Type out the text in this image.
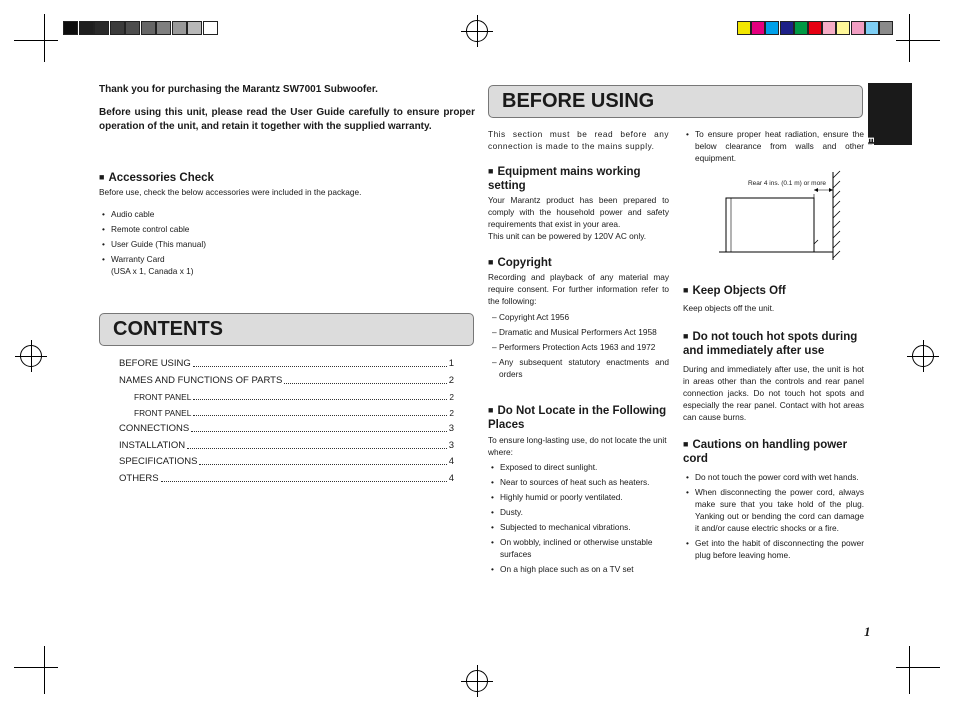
ENGLISH
Thank you for purchasing the Marantz SW7001 Subwoofer.
Before using this unit, please read the User Guide carefully to ensure proper operation of the unit, and retain it together with the supplied warranty.
■ Accessories Check
Before use, check the below accessories were included in the package.
• Audio cable
• Remote control cable
• User Guide (This manual)
• Warranty Card
(USA x 1, Canada x 1)
CONTENTS
BEFORE USING	1
NAMES AND FUNCTIONS OF PARTS	2
FRONT PANEL	2
FRONT PANEL	2
CONNECTIONS	3
INSTALLATION	3
SPECIFICATIONS	4
OTHERS	4
BEFORE USING
This section must be read before any connection is made to the mains supply.
■ Equipment mains working setting
Your Marantz product has been prepared to comply with the household power and safety requirements that exist in your area.
This unit can be powered by 120V AC only.
■ Copyright
Recording and playback of any material may require consent. For further information refer to the following:
– Copyright Act 1956
– Dramatic and Musical Performers Act 1958
– Performers Protection Acts 1963 and 1972
– Any subsequent statutory enactments and orders
■ Do Not Locate in the Following Places
To ensure long-lasting use, do not locate the unit where:
• Exposed to direct sunlight.
• Near to sources of heat such as heaters.
• Highly humid or poorly ventilated.
• Dusty.
• Subjected to mechanical vibrations.
• On wobbly, inclined or otherwise unstable surfaces
• On a high place such as on a TV set
• To ensure proper heat radiation, ensure the below clearance from walls and other equipment.
Rear 4 ins. (0.1 m) or more
■ Keep Objects Off
Keep objects off the unit.
■ Do not touch hot spots during and immediately after use
During and immediately after use, the unit is hot in areas other than the controls and rear panel connection jacks. Do not touch hot spots and especially the rear panel. Contact with hot areas can cause burns.
■ Cautions on handling power cord
• Do not touch the power cord with wet hands.
• When disconnecting the power cord, always make sure that you take hold of the plug. Yanking out or bending the cord can damage it and/or cause electric shocks or a fire.
• Get into the habit of disconnecting the power plug before leaving home.
1
